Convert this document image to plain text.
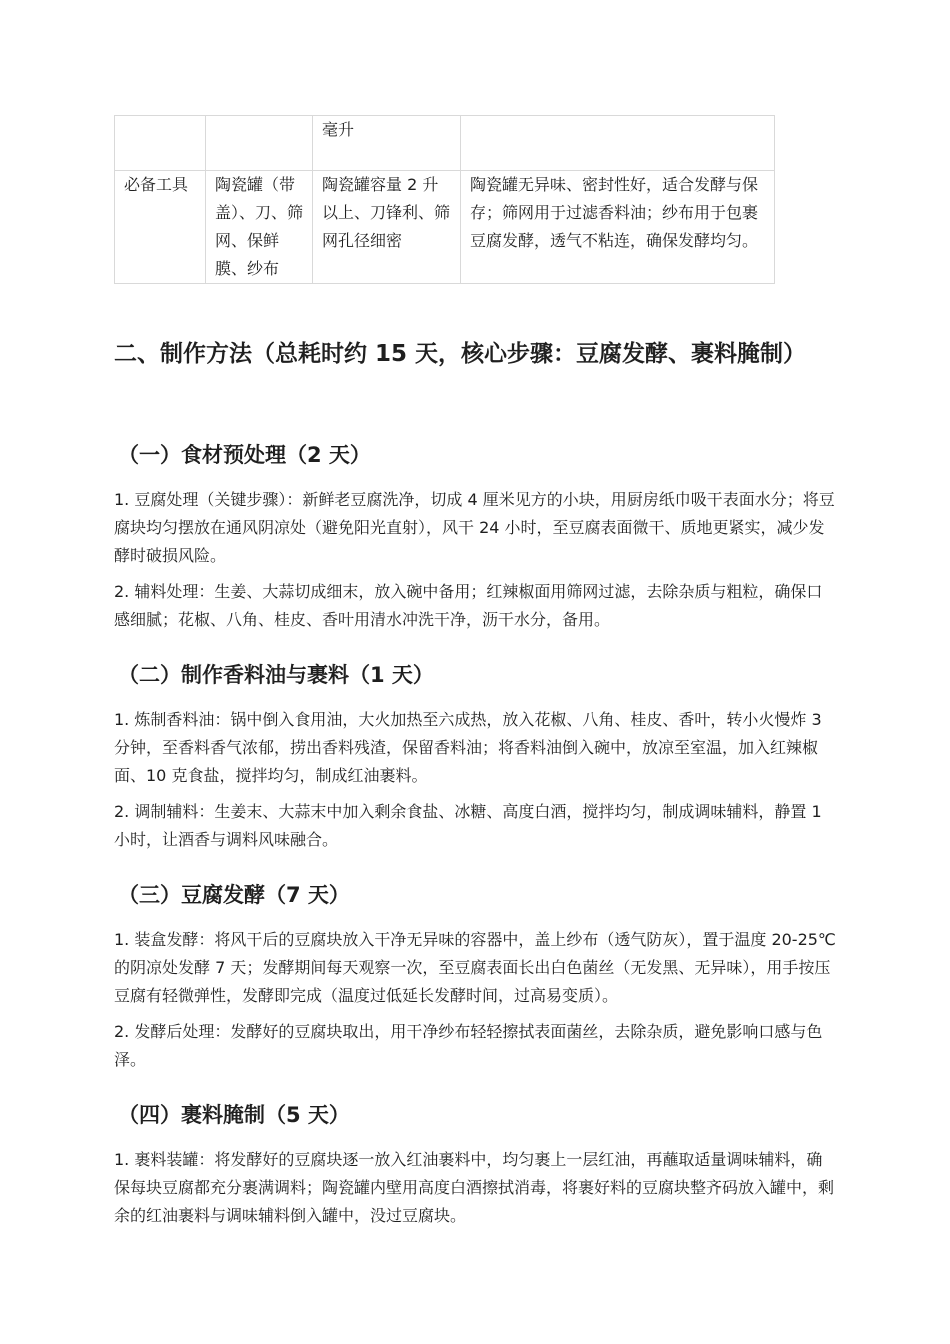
		毫升	
必备工具	陶瓷罐（带盖）、刀、筛网、保鲜膜、纱布	陶瓷罐容量 2 升以上、刀锋利、筛网孔径细密	陶瓷罐无异味、密封性好，适合发酵与保存；筛网用于过滤香料油；纱布用于包裹豆腐发酵，透气不粘连，确保发酵均匀。
二、制作方法（总耗时约 15 天，核心步骤：豆腐发酵、裹料腌制）
（一）食材预处理（2 天）

1. 豆腐处理（关键步骤）：新鲜老豆腐洗净，切成 4 厘米见方的小块，用厨房纸巾吸干表面水分；将豆腐块均匀摆放在通风阴凉处（避免阳光直射），风干 24 小时，至豆腐表面微干、质地更紧实，减少发酵时破损风险。

2. 辅料处理：生姜、大蒜切成细末，放入碗中备用；红辣椒面用筛网过滤，去除杂质与粗粒，确保口感细腻；花椒、八角、桂皮、香叶用清水冲洗干净，沥干水分，备用。

（二）制作香料油与裹料（1 天）

1. 炼制香料油：锅中倒入食用油，大火加热至六成热，放入花椒、八角、桂皮、香叶，转小火慢炸 3 分钟，至香料香气浓郁，捞出香料残渣，保留香料油；将香料油倒入碗中，放凉至室温，加入红辣椒面、10 克食盐，搅拌均匀，制成红油裹料。

2. 调制辅料：生姜末、大蒜末中加入剩余食盐、冰糖、高度白酒，搅拌均匀，制成调味辅料，静置 1 小时，让酒香与调料风味融合。

（三）豆腐发酵（7 天）

1. 装盒发酵：将风干后的豆腐块放入干净无异味的容器中，盖上纱布（透气防灰），置于温度 20-25℃的阴凉处发酵 7 天；发酵期间每天观察一次，至豆腐表面长出白色菌丝（无发黑、无异味），用手按压豆腐有轻微弹性，发酵即完成（温度过低延长发酵时间，过高易变质）。

2. 发酵后处理：发酵好的豆腐块取出，用干净纱布轻轻擦拭表面菌丝，去除杂质，避免影响口感与色泽。

（四）裹料腌制（5 天）

1. 裹料装罐：将发酵好的豆腐块逐一放入红油裹料中，均匀裹上一层红油，再蘸取适量调味辅料，确保每块豆腐都充分裹满调料；陶瓷罐内壁用高度白酒擦拭消毒，将裹好料的豆腐块整齐码放入罐中，剩余的红油裹料与调味辅料倒入罐中，没过豆腐块。
